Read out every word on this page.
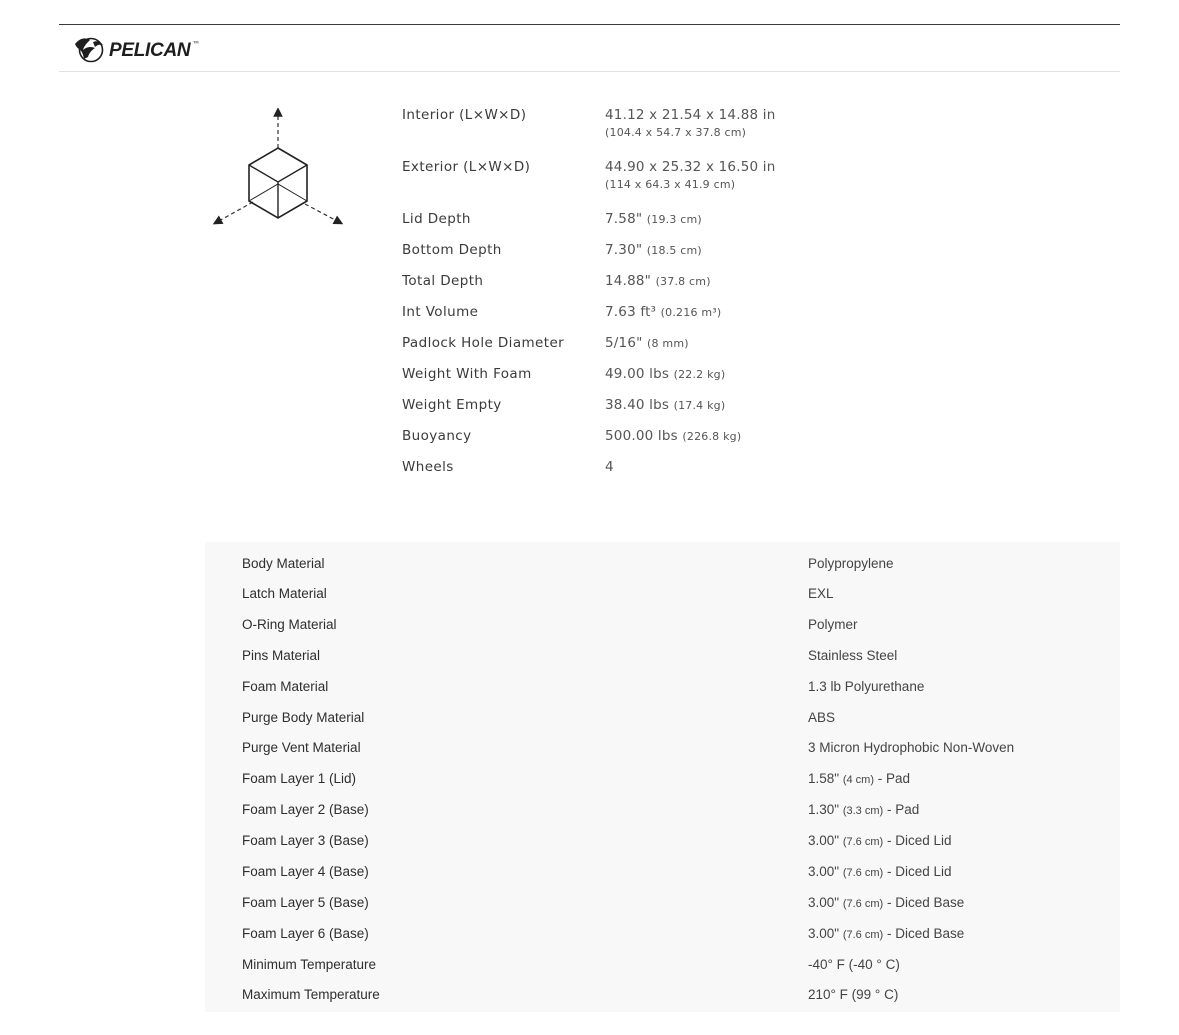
PELICAN ™
Interior (L×W×D)	41.12 x 21.54 x 14.88 in
(104.4 x 54.7 x 37.8 cm)
Exterior (L×W×D)	44.90 x 25.32 x 16.50 in
(114 x 64.3 x 41.9 cm)
Lid Depth	7.58" (19.3 cm)
Bottom Depth	7.30" (18.5 cm)
Total Depth	14.88" (37.8 cm)
Int Volume	7.63 ft³ (0.216 m³)
Padlock Hole Diameter	5/16" (8 mm)
Weight With Foam	49.00 lbs (22.2 kg)
Weight Empty	38.40 lbs (17.4 kg)
Buoyancy	500.00 lbs (226.8 kg)
Wheels	4
Body Material	Polypropylene
Latch Material	EXL
O-Ring Material	Polymer
Pins Material	Stainless Steel
Foam Material	1.3 lb Polyurethane
Purge Body Material	ABS
Purge Vent Material	3 Micron Hydrophobic Non-Woven
Foam Layer 1 (Lid)	1.58" (4 cm) - Pad
Foam Layer 2 (Base)	1.30" (3.3 cm) - Pad
Foam Layer 3 (Base)	3.00" (7.6 cm) - Diced Lid
Foam Layer 4 (Base)	3.00" (7.6 cm) - Diced Lid
Foam Layer 5 (Base)	3.00" (7.6 cm) - Diced Base
Foam Layer 6 (Base)	3.00" (7.6 cm) - Diced Base
Minimum Temperature	-40° F (-40 ° C)
Maximum Temperature	210° F (99 ° C)
